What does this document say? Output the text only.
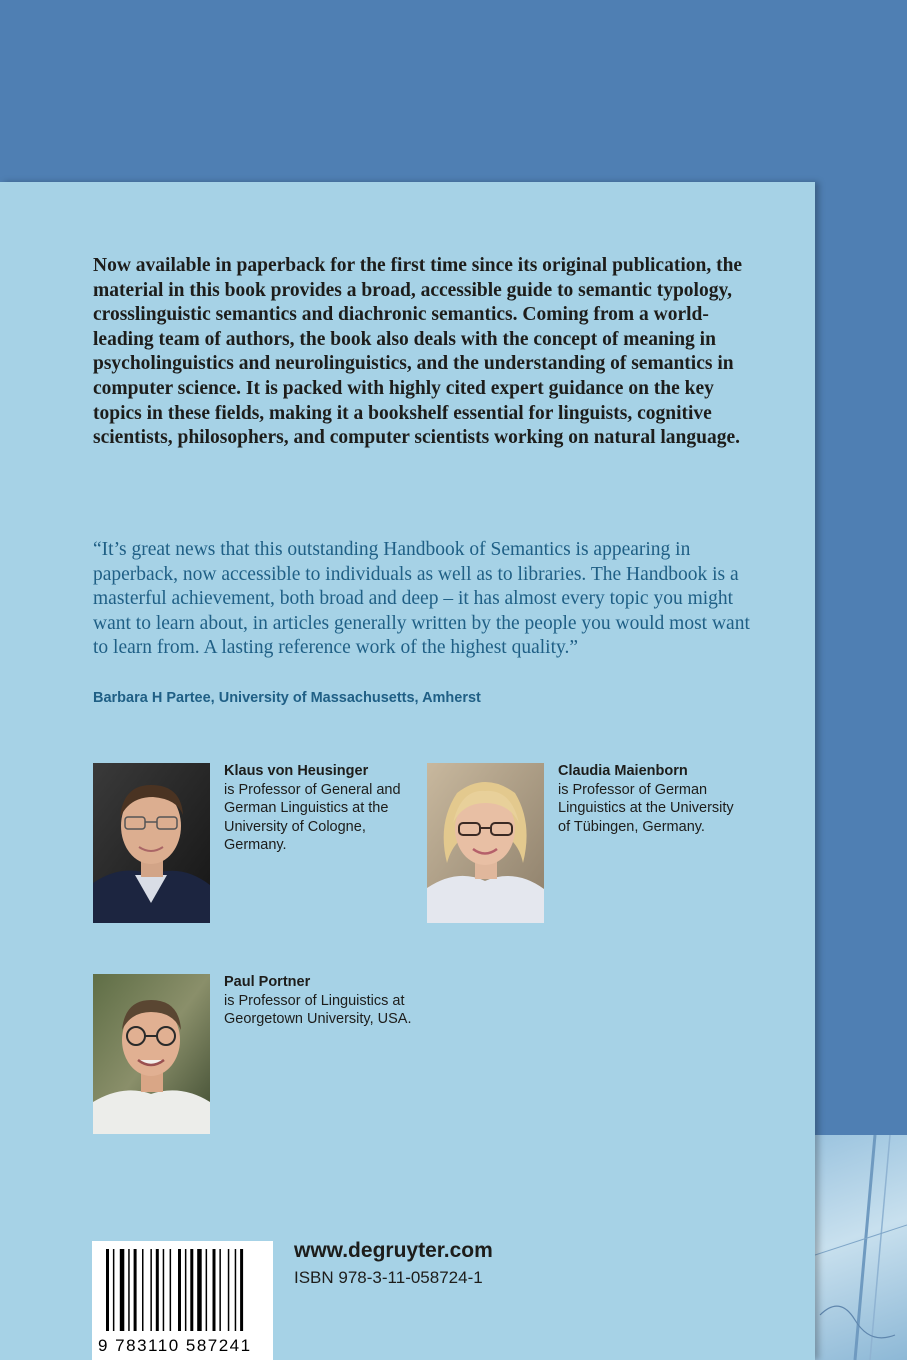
Now available in paperback for the first time since its original publication, the material in this book provides a broad, accessible guide to semantic typology, crosslinguistic semantics and diachronic semantics. Coming from a world-leading team of authors, the book also deals with the concept of meaning in psycholinguistics and neurolinguistics, and the understanding of semantics in computer science. It is packed with highly cited expert guidance on the key topics in these fields, making it a bookshelf essential for linguists, cognitive scientists, philosophers, and computer scientists working on natural language.

“It’s great news that this outstanding Handbook of Semantics is appearing in paperback, now accessible to individuals as well as to libraries. The Handbook is a masterful achievement, both broad and deep – it has almost every topic you might want to learn about, in articles generally written by the people you would most want to learn from. A lasting reference work of the highest quality.”

Barbara H Partee, University of Massachusetts, Amherst

Klaus von Heusinger
is Professor of General and German Linguistics at the University of Cologne, Germany.

Claudia Maienborn
is Professor of German Linguistics at the University of Tübingen, Germany.

Paul Portner
is Professor of Linguistics at Georgetown University, USA.

9 783110 587241

www.degruyter.com

ISBN 978-3-11-058724-1
